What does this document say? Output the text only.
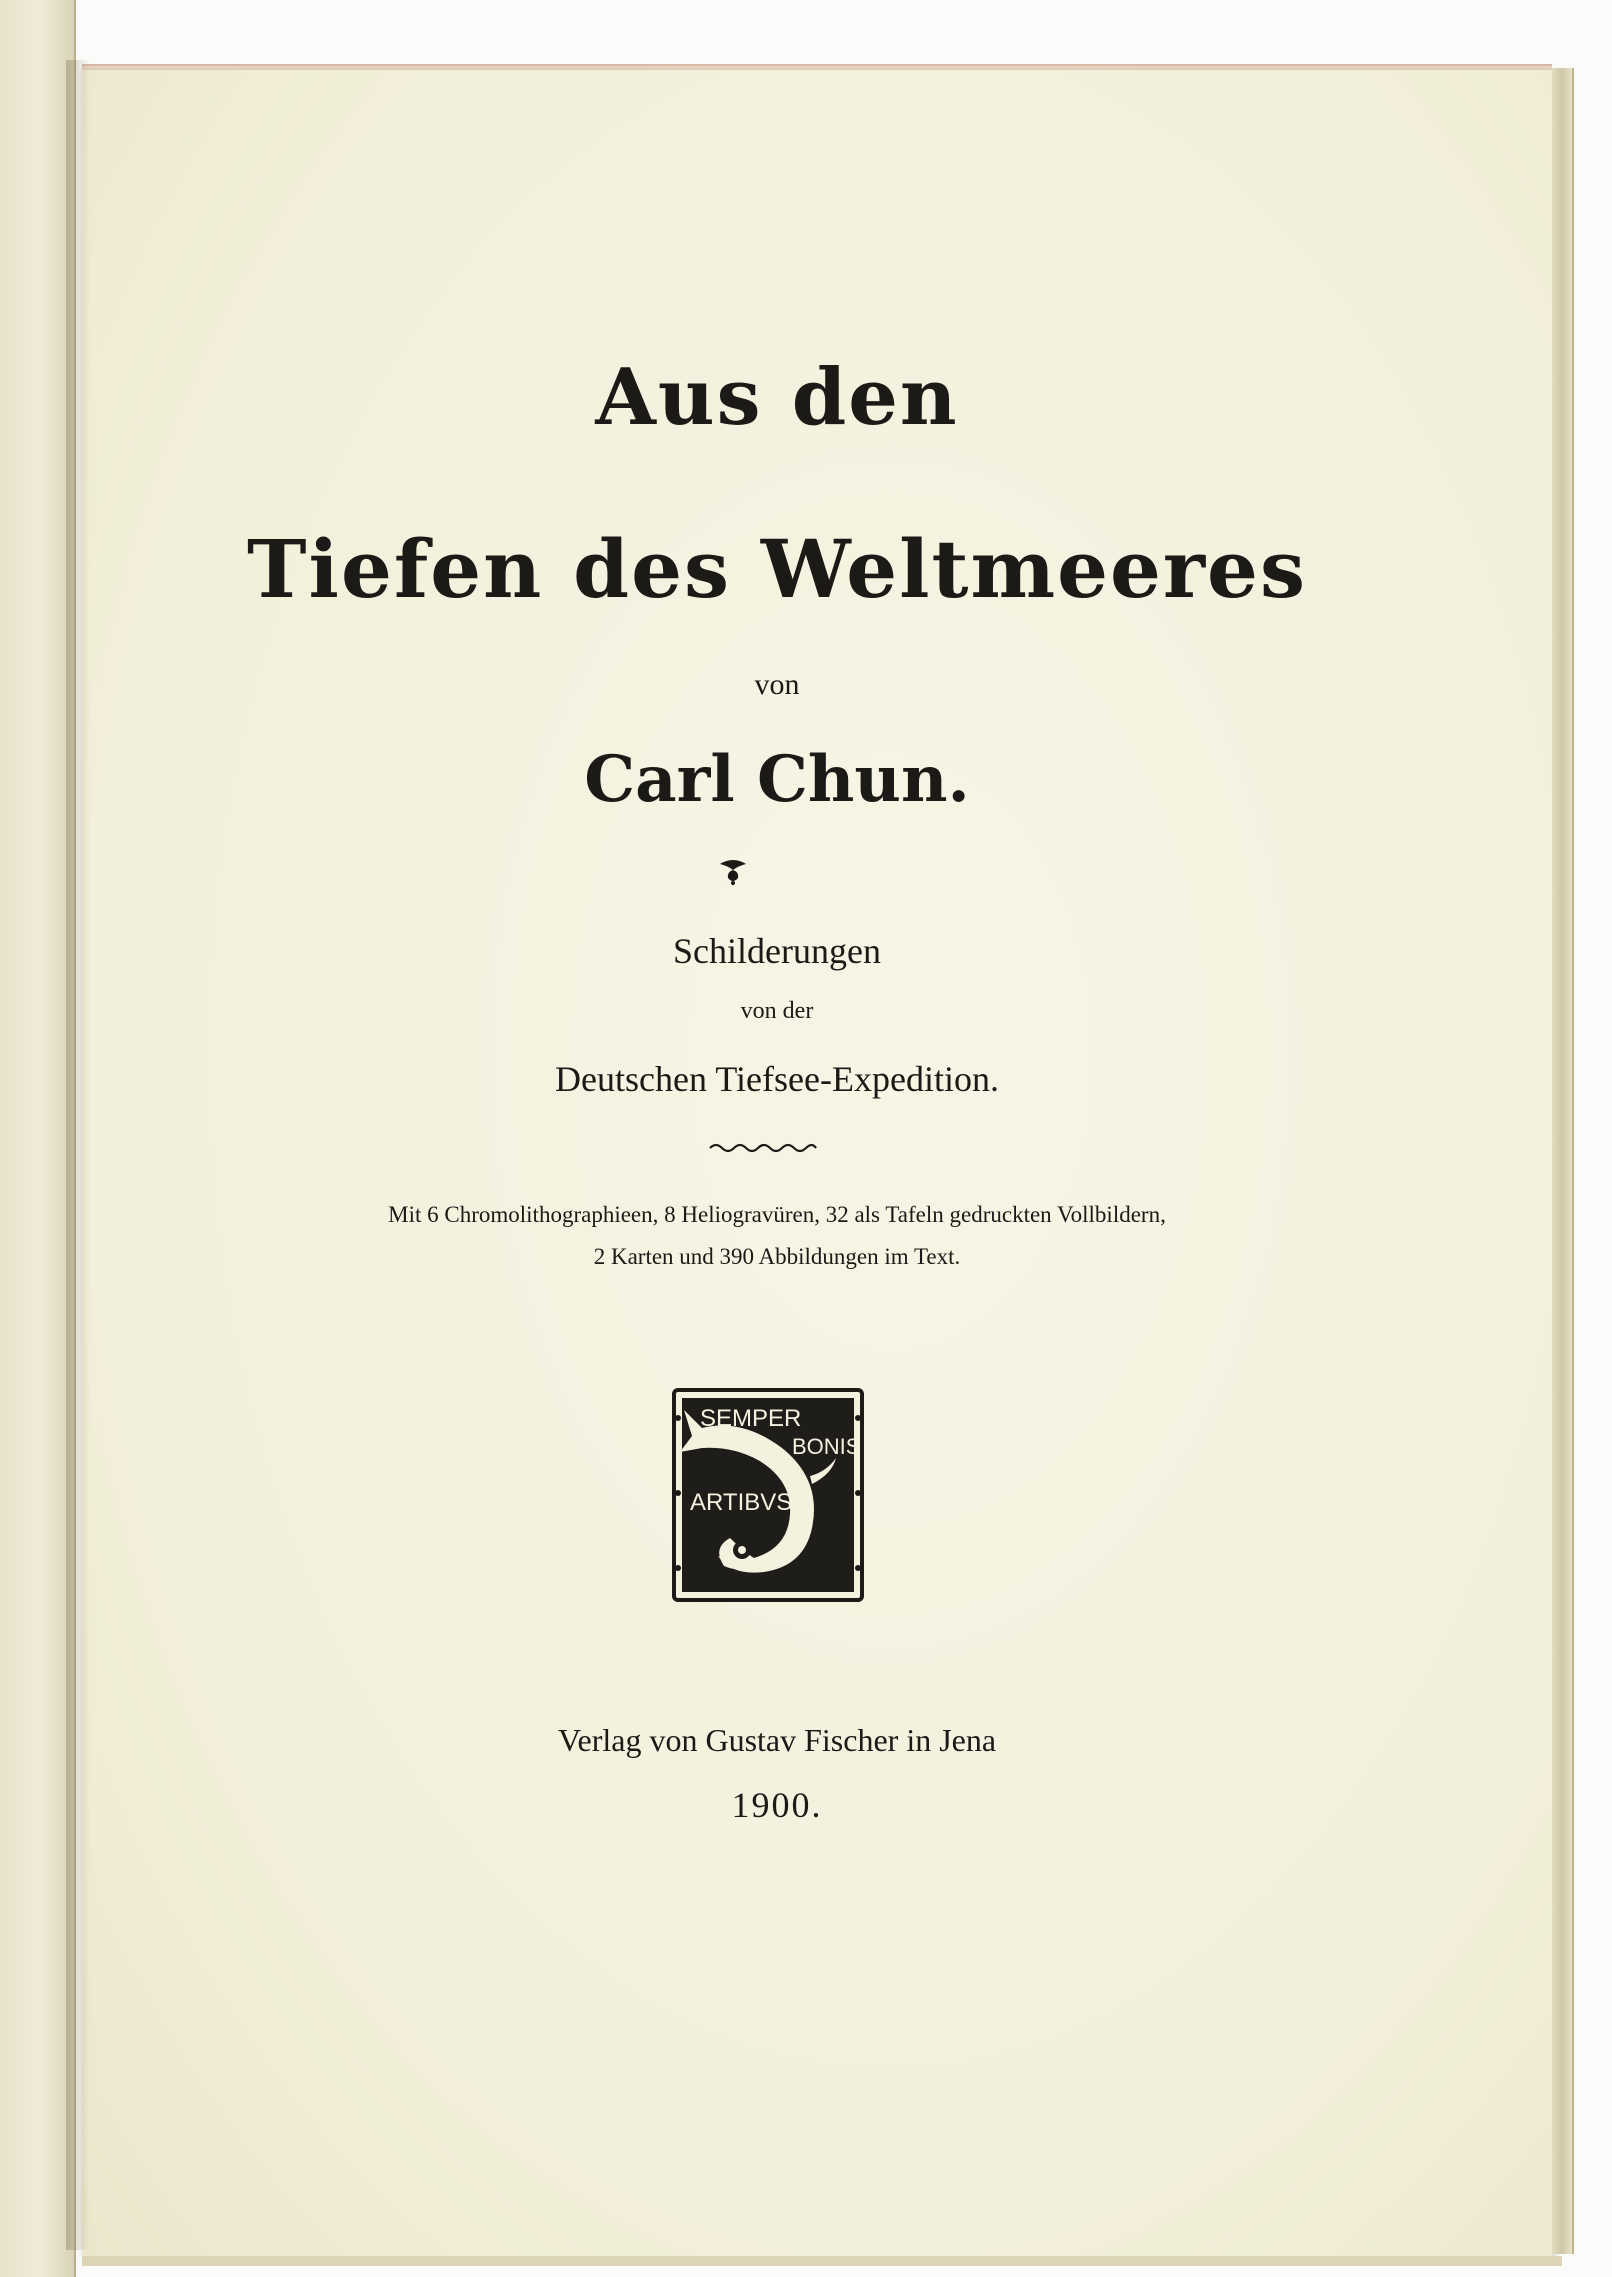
Aus den
Tiefen des Weltmeeres
von
Carl Chun.
Schilderungen
von der
Deutschen Tiefsee-Expedition.
Mit 6 Chromolithographieen, 8 Heliogravüren, 32 als Tafeln gedruckten Vollbildern,
2 Karten und 390 Abbildungen im Text.
SEMPER
BONIS
ARTIBVS
Verlag von Gustav Fischer in Jena
1900.
